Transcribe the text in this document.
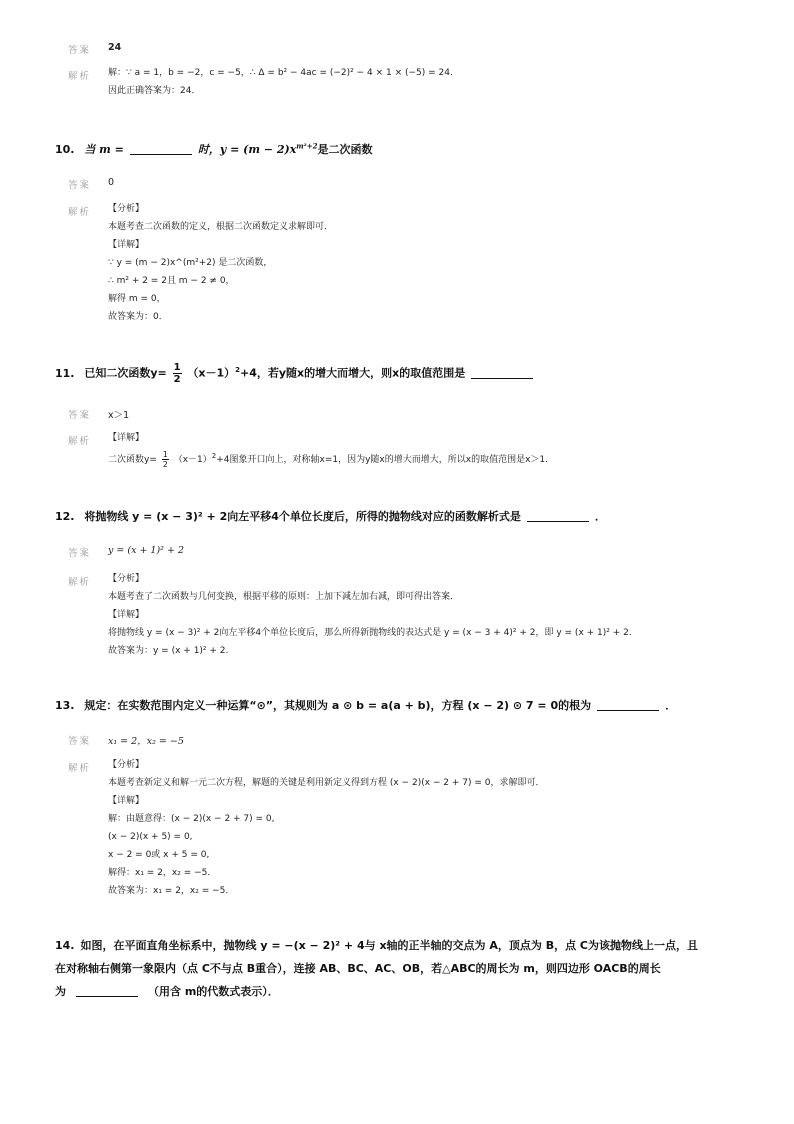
答案 24
解析 解：∵ a = 1，b = −2，c = −5，∴ Δ = b² − 4ac = (−2)² − 4 × 1 × (−5) = 24．
因此正确答案为：24．
10. 当 m =	时，$y = (m - 2)x^{m^2+2}$是二次函数
答案 0
解析 【分析】
本题考查二次函数的定义，根据二次函数定义求解即可．
【详解】
∵ y = (m − 2)x^(m²+2) 是二次函数，
∴ m² + 2 = 2且 m − 2 ≠ 0，
解得 m = 0，
故答案为：0．
11. 已知二次函数$y= \frac{1}{2} (x-1)^2+4$，若y随x的增大而增大，则x的取值范围是
答案 x＞1
解析 【详解】
二次函数$y= \frac{1}{2} (x-1)^2+4$图象开口向上，对称轴x=1，因为y随x的增大而增大，所以x的取值范围是x＞1.
12. 将抛物线 y = (x − 3)² + 2向左平移4个单位长度后，所得的抛物线对应的函数解析式是	．
答案 y = (x + 1)² + 2
解析 【分析】
本题考查了二次函数与几何变换，根据平移的原则：上加下减左加右减，即可得出答案．
【详解】
将抛物线 y = (x − 3)² + 2向左平移4个单位长度后，那么所得新抛物线的表达式是 y = (x − 3 + 4)² + 2，即 y = (x + 1)² + 2.
故答案为：y = (x + 1)² + 2.
13. 规定：在实数范围内定义一种运算“⊙”，其规则为 a ⊙ b = a(a + b)，方程 (x − 2) ⊙ 7 = 0的根为	．
答案 x₁ = 2，x₂ = −5
解析 【分析】
本题考查新定义和解一元二次方程，解题的关键是利用新定义得到方程 (x − 2)(x − 2 + 7) = 0，求解即可．
【详解】
解：由题意得：(x − 2)(x − 2 + 7) = 0,
(x − 2)(x + 5) = 0,
x − 2 = 0或 x + 5 = 0,
解得：x₁ = 2，x₂ = −5．
故答案为：x₁ = 2，x₂ = −5．
14. 如图，在平面直角坐标系中，抛物线 y = −(x − 2)² + 4与 x轴的正半轴的交点为 A，顶点为 B，点 C为该抛物线上一点，且
在对称轴右侧第一象限内（点 C不与点 B重合），连接 AB、BC、AC、OB，若△ABC的周长为 m，则四边形 OACB的周长
为	（用含 m的代数式表示）．
